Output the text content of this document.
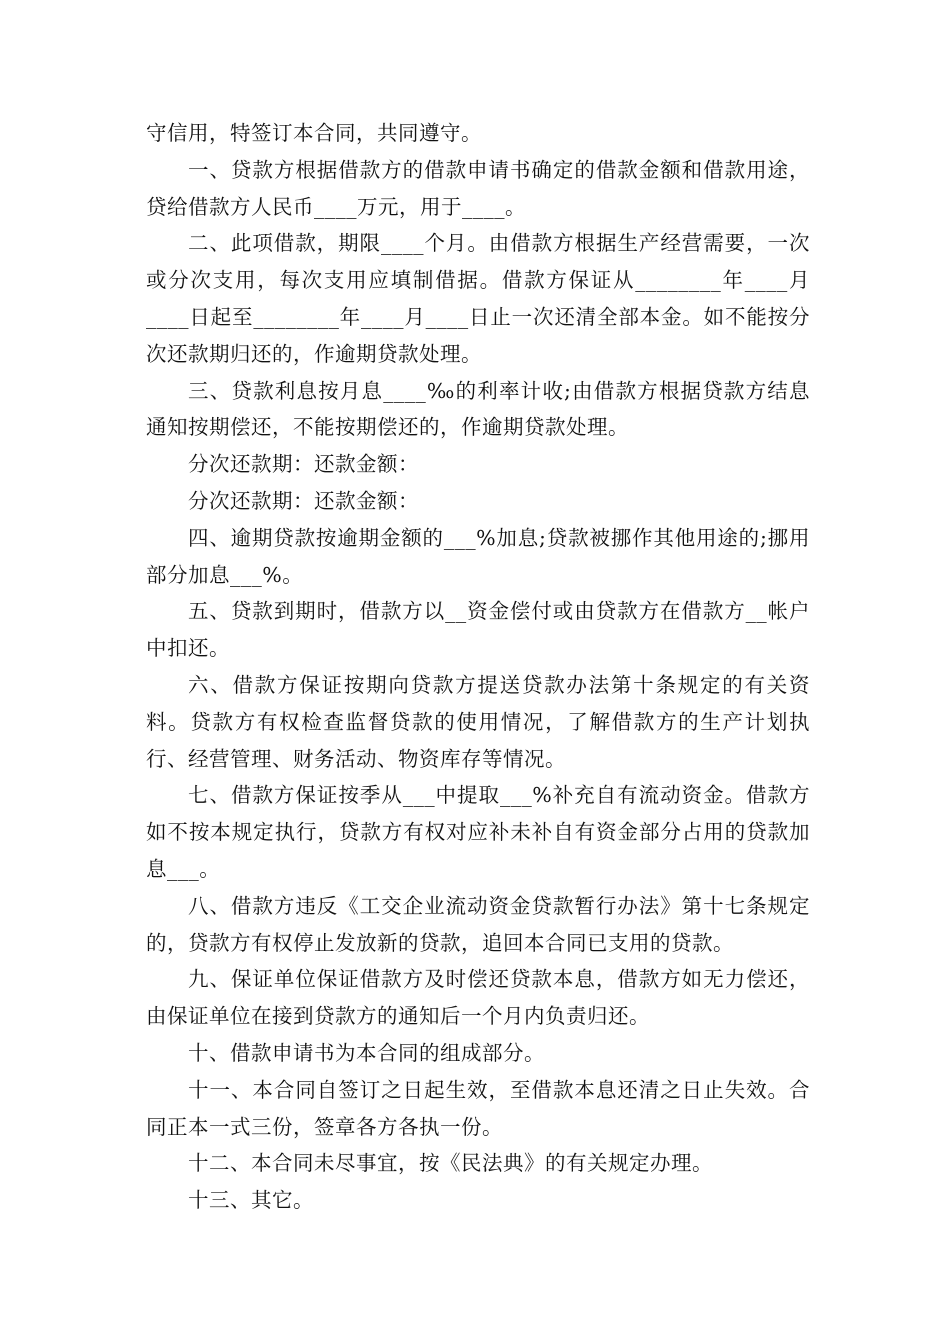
守信用，特签订本合同，共同遵守。

一、贷款方根据借款方的借款申请书确定的借款金额和借款用途，贷给借款方人民币____万元，用于____。

二、此项借款，期限____个月。由借款方根据生产经营需要，一次或分次支用，每次支用应填制借据。借款方保证从________年____月____日起至________年____月____日止一次还清全部本金。如不能按分次还款期归还的，作逾期贷款处理。

三、贷款利息按月息____‰的利率计收;由借款方根据贷款方结息通知按期偿还，不能按期偿还的，作逾期贷款处理。

分次还款期：还款金额：

分次还款期：还款金额：

四、逾期贷款按逾期金额的___%加息;贷款被挪作其他用途的;挪用部分加息___%。

五、贷款到期时，借款方以__资金偿付或由贷款方在借款方__帐户中扣还。

六、借款方保证按期向贷款方提送贷款办法第十条规定的有关资料。贷款方有权检查监督贷款的使用情况，了解借款方的生产计划执行、经营管理、财务活动、物资库存等情况。

七、借款方保证按季从___中提取___%补充自有流动资金。借款方如不按本规定执行，贷款方有权对应补未补自有资金部分占用的贷款加息___。

八、借款方违反《工交企业流动资金贷款暂行办法》第十七条规定的，贷款方有权停止发放新的贷款，追回本合同已支用的贷款。

九、保证单位保证借款方及时偿还贷款本息，借款方如无力偿还，由保证单位在接到贷款方的通知后一个月内负责归还。

十、借款申请书为本合同的组成部分。

十一、本合同自签订之日起生效，至借款本息还清之日止失效。合同正本一式三份，签章各方各执一份。

十二、本合同未尽事宜，按《民法典》的有关规定办理。

十三、其它。
